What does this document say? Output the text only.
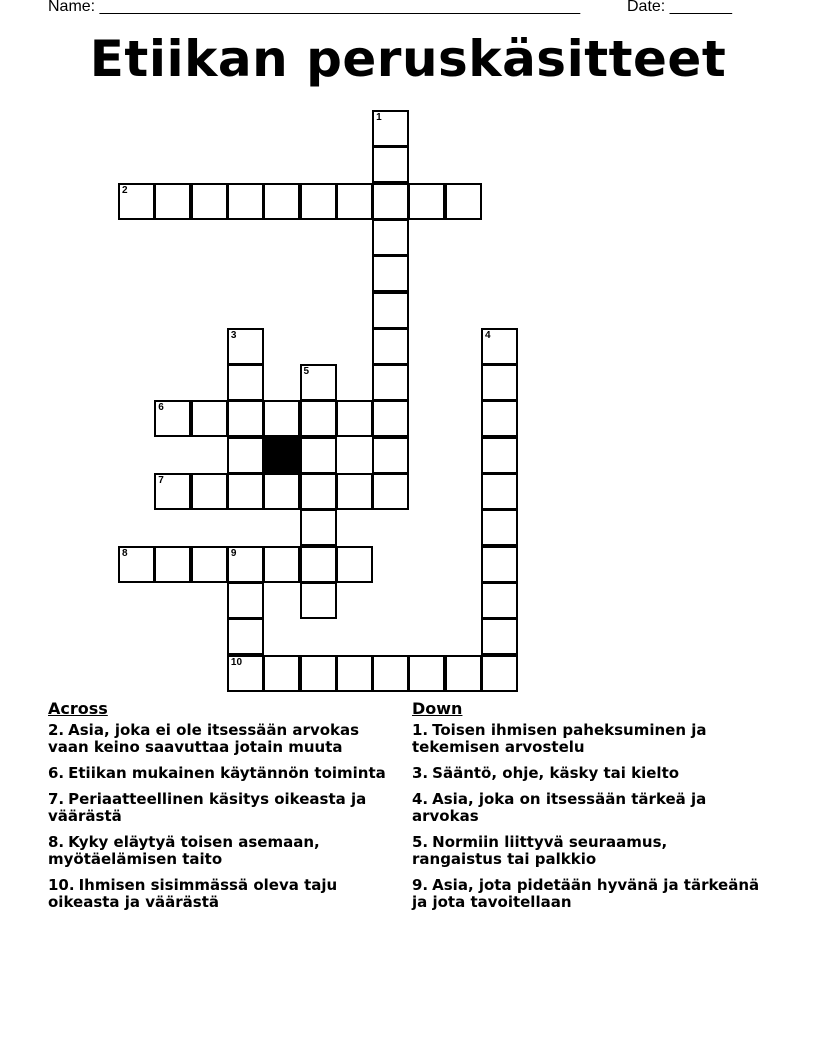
Name: ______________________________________________________	Date: _______
Etiikan peruskäsitteet
1
2
3	4
5
6
7
8	9
10
Across
2. Asia, joka ei ole itsessään arvokas vaan keino saavuttaa jotain muuta
6. Etiikan mukainen käytännön toiminta
7. Periaatteellinen käsitys oikeasta ja väärästä
8. Kyky eläytyä toisen asemaan, myötäelämisen taito
10. Ihmisen sisimmässä oleva taju oikeasta ja väärästä
Down
1. Toisen ihmisen paheksuminen ja tekemisen arvostelu
3. Sääntö, ohje, käsky tai kielto
4. Asia, joka on itsessään tärkeä ja arvokas
5. Normiin liittyvä seuraamus, rangaistus tai palkkio
9. Asia, jota pidetään hyvänä ja tärkeänä ja jota tavoitellaan
